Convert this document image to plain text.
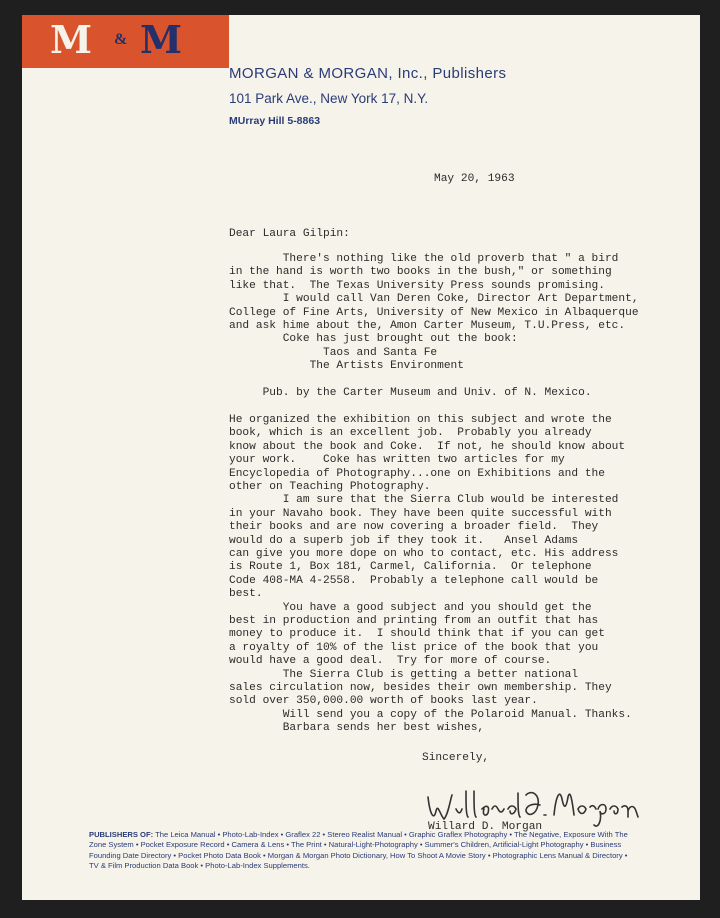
M & M
MORGAN & MORGAN, Inc., Publishers
101 Park Ave., New York 17, N.Y.
MUrray Hill 5-8863
May 20, 1963
Dear Laura Gilpin:
There's nothing like the old proverb that " a bird
in the hand is worth two books in the bush," or something
like that.  The Texas University Press sounds promising.
I would call Van Deren Coke, Director Art Department,
College of Fine Arts, University of New Mexico in Albaquerque
and ask hime about the, Amon Carter Museum, T.U.Press, etc.
Coke has just brought out the book:
Taos and Santa Fe
The Artists Environment

Pub. by the Carter Museum and Univ. of N. Mexico.

He organized the exhibition on this subject and wrote the
book, which is an excellent job.  Probably you already
know about the book and Coke.  If not, he should know about
your work.    Coke has written two articles for my
Encyclopedia of Photography...one on Exhibitions and the
other on Teaching Photography.
I am sure that the Sierra Club would be interested
in your Navaho book. They have been quite successful with
their books and are now covering a broader field.  They
would do a superb job if they took it.   Ansel Adams
can give you more dope on who to contact, etc. His address
is Route 1, Box 181, Carmel, California.  Or telephone
Code 408-MA 4-2558.  Probably a telephone call would be
best.
You have a good subject and you should get the
best in production and printing from an outfit that has
money to produce it.  I should think that if you can get
a royalty of 10% of the list price of the book that you
would have a good deal.  Try for more of course.
The Sierra Club is getting a better national
sales circulation now, besides their own membership. They
sold over 350,000.00 worth of books last year.
Will send you a copy of the Polaroid Manual. Thanks.
Barbara sends her best wishes,
Sincerely,
Willard D. Morgan
PUBLISHERS OF: The Leica Manual • Photo-Lab-Index • Graflex 22 • Stereo Realist Manual • Graphic Graflex Photography • The Negative, Exposure With The Zone System • Pocket Exposure Record • Camera & Lens • The Print • Natural-Light-Photography • Summer's Children, Artificial-Light Photography • Business Founding Date Directory • Pocket Photo Data Book • Morgan & Morgan Photo Dictionary, How To Shoot A Movie Story • Photographic Lens Manual & Directory • TV & Film Production Data Book • Photo-Lab-Index Supplements.
